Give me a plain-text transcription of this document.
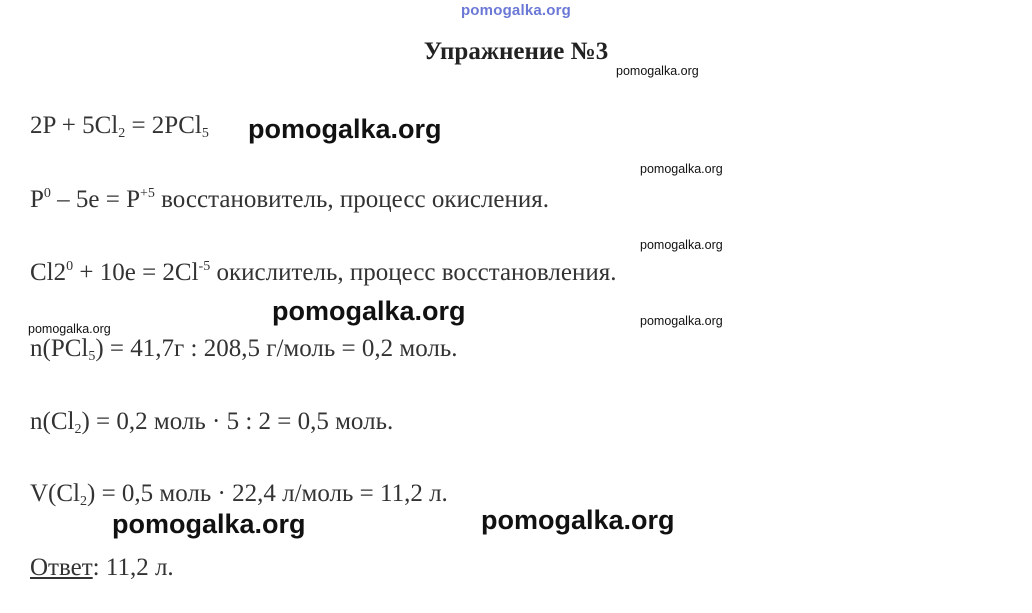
pomogalka.org
Упражнение №3
$2P + 5Cl_2 = 2PCl_5$
$P^0 - 5e = P^{+5}$ восстановитель, процесс окисления.
$Cl2^0 + 10e = 2Cl^{-5}$ окислитель, процесс восстановления.
n(PCl$_5$) = 41,7г : 208,5 г/моль = 0,2 моль.
$n(Cl_2) = 0,2$ моль · 5 : 2 = 0,5 моль.
$V(Cl_2) = 0,5$ моль · 22,4 л/моль = 11,2 л.
Ответ: 11,2 л.
pomogalka.org
pomogalka.org
pomogalka.org	pomogalka.org
pomogalka.org
pomogalka.org
pomogalka.org
pomogalka.org
pomogalka.org
